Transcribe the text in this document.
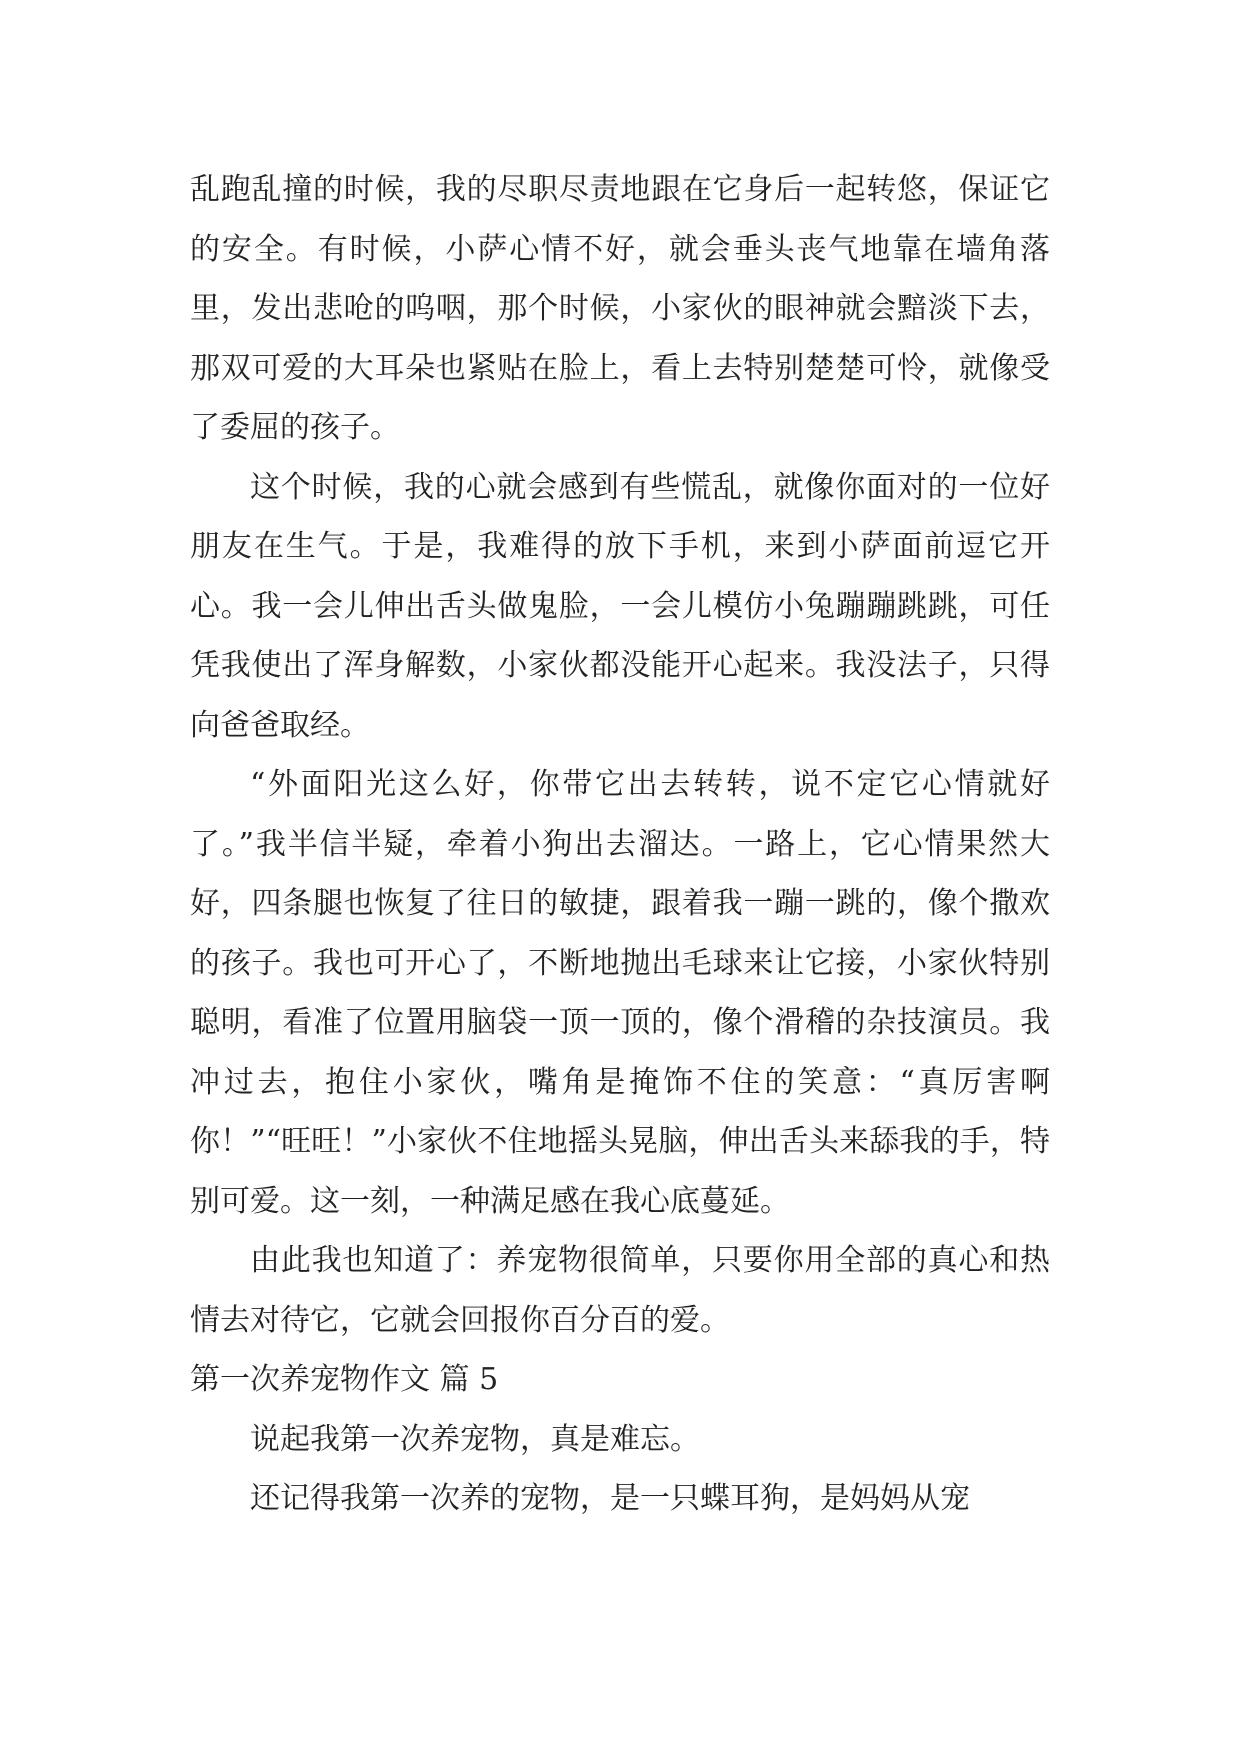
乱跑乱撞的时候，我的尽职尽责地跟在它身后一起转悠，保证它的安全。有时候，小萨心情不好，就会垂头丧气地靠在墙角落里，发出悲呛的呜咽，那个时候，小家伙的眼神就会黯淡下去，那双可爱的大耳朵也紧贴在脸上，看上去特别楚楚可怜，就像受了委屈的孩子。

这个时候，我的心就会感到有些慌乱，就像你面对的一位好朋友在生气。于是，我难得的放下手机，来到小萨面前逗它开心。我一会儿伸出舌头做鬼脸，一会儿模仿小兔蹦蹦跳跳，可任凭我使出了浑身解数，小家伙都没能开心起来。我没法子，只得向爸爸取经。

“外面阳光这么好，你带它出去转转，说不定它心情就好了。”我半信半疑，牵着小狗出去溜达。一路上，它心情果然大好，四条腿也恢复了往日的敏捷，跟着我一蹦一跳的，像个撒欢的孩子。我也可开心了，不断地抛出毛球来让它接，小家伙特别聪明，看准了位置用脑袋一顶一顶的，像个滑稽的杂技演员。我冲过去，抱住小家伙，嘴角是掩饰不住的笑意：“真厉害啊你！”“旺旺！”小家伙不住地摇头晃脑，伸出舌头来舔我的手，特别可爱。这一刻，一种满足感在我心底蔓延。

由此我也知道了：养宠物很简单，只要你用全部的真心和热情去对待它，它就会回报你百分百的爱。

第一次养宠物作文 篇 5

说起我第一次养宠物，真是难忘。

还记得我第一次养的宠物，是一只蝶耳狗，是妈妈从宠
